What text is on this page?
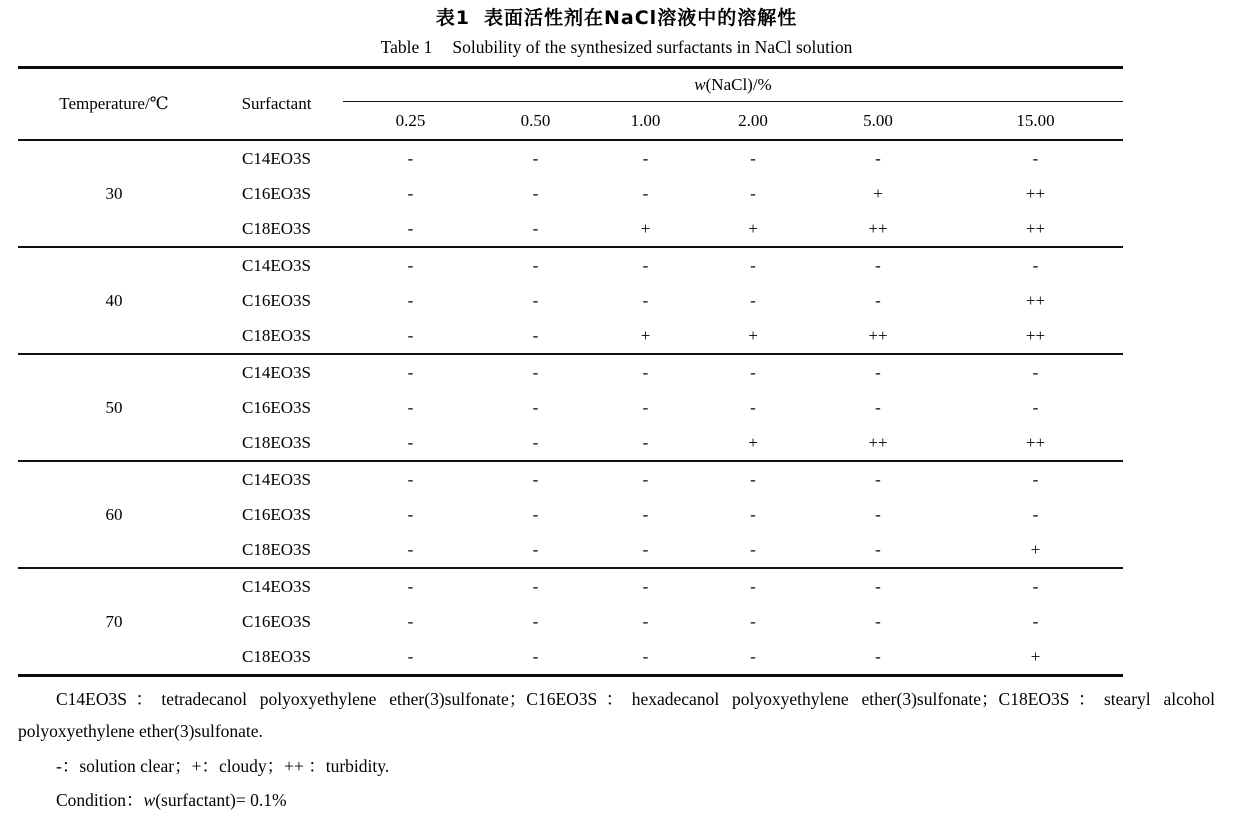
表1 表面活性剂在NaCl溶液中的溶解性
Table 1 Solubility of the synthesized surfactants in NaCl solution
Temperature/℃	Surfactant	w(NaCl)/%					
		0.25	0.50	1.00	2.00	5.00	15.00
30	C14EO3S	-	-	-	-	-	-
	C16EO3S	-	-	-	-	+	++
	C18EO3S	-	-	+	+	++	++
40	C14EO3S	-	-	-	-	-	-
	C16EO3S	-	-	-	-	-	++
	C18EO3S	-	-	+	+	++	++
50	C14EO3S	-	-	-	-	-	-
	C16EO3S	-	-	-	-	-	-
	C18EO3S	-	-	-	+	++	++
60	C14EO3S	-	-	-	-	-	-
	C16EO3S	-	-	-	-	-	-
	C18EO3S	-	-	-	-	-	+
70	C14EO3S	-	-	-	-	-	-
	C16EO3S	-	-	-	-	-	-
	C18EO3S	-	-	-	-	-	+

C14EO3S：tetradecanol polyoxyethylene ether(3)sulfonate；C16EO3S：hexadecanol polyoxyethylene ether(3)sulfonate；C18EO3S：stearyl alcohol polyoxyethylene ether(3)sulfonate.

-：solution clear；+：cloudy；++ ：turbidity.

Condition：w(surfactant)= 0.1%
